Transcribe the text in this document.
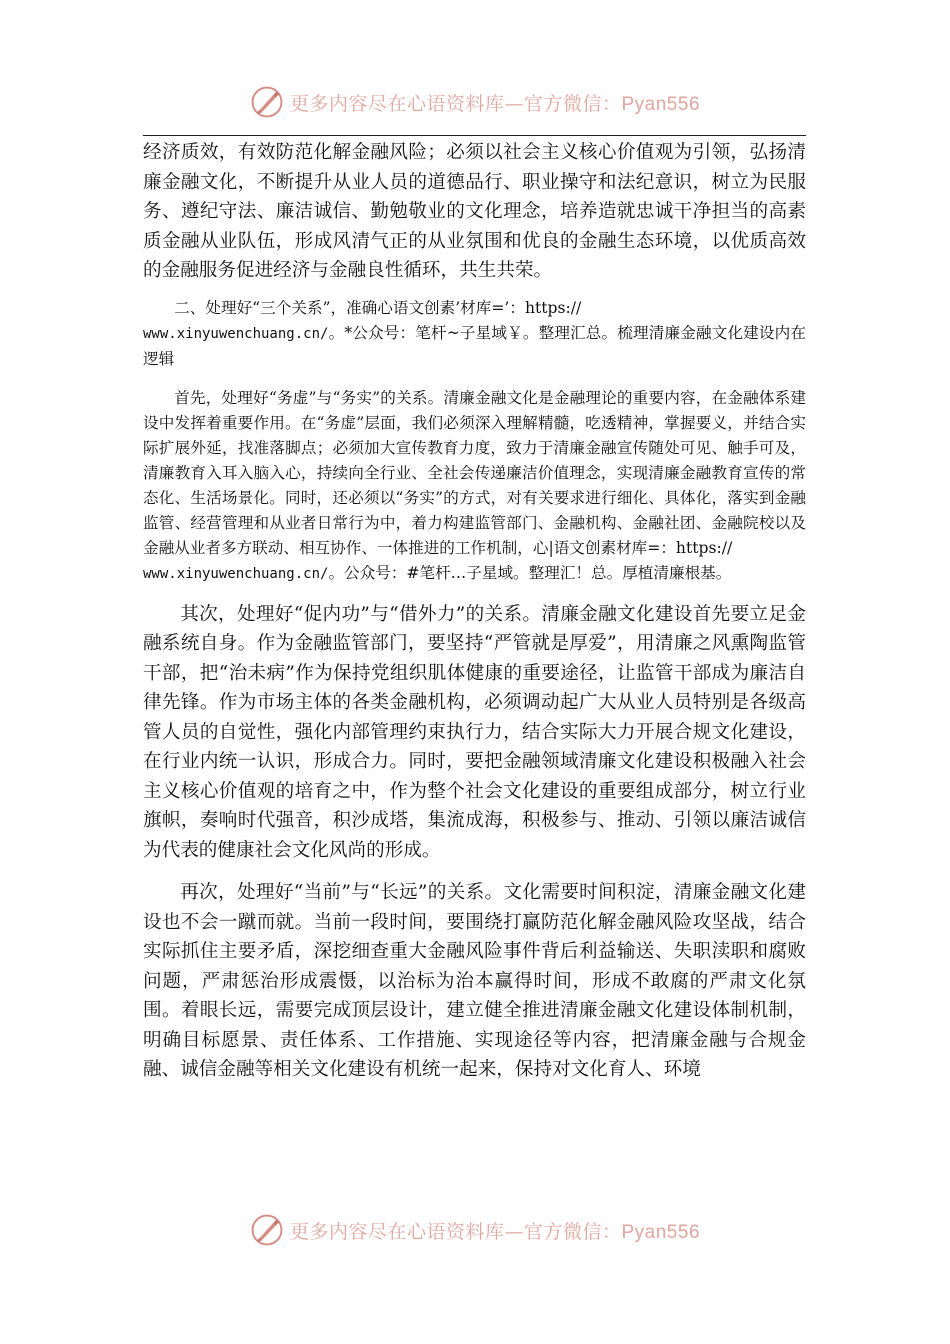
更多内容尽在心语资料库—官方微信：Pyan556

经济质效，有效防范化解金融风险；必须以社会主义核心价值观为引领，弘扬清廉金融文化，不断提升从业人员的道德品行、职业操守和法纪意识，树立为民服务、遵纪守法、廉洁诚信、勤勉敬业的文化理念，培养造就忠诚干净担当的高素质金融从业队伍，形成风清气正的从业氛围和优良的金融生态环境，以优质高效的金融服务促进经济与金融良性循环，共生共荣。

二、处理好“三个关系”，准确心语文创素’材库=’：https://
www.xinyuwenchuang.cn/。*公众号：笔杆~子星域￥。整理汇总。梳理清廉金融文化建设内在逻辑

首先，处理好“务虚”与“务实”的关系。清廉金融文化是金融理论的重要内容，在金融体系建设中发挥着重要作用。在“务虚”层面，我们必须深入理解精髓，吃透精神，掌握要义，并结合实际扩展外延，找准落脚点；必须加大宣传教育力度，致力于清廉金融宣传随处可见、触手可及，清廉教育入耳入脑入心，持续向全行业、全社会传递廉洁价值理念，实现清廉金融教育宣传的常态化、生活场景化。同时，还必须以“务实”的方式，对有关要求进行细化、具体化，落实到金融监管、经营管理和从业者日常行为中，着力构建监管部门、金融机构、金融社团、金融院校以及金融从业者多方联动、相互协作、一体推进的工作机制，心|语文创素材库=：https://
www.xinyuwenchuang.cn/。公众号：#笔杆…子星域。整理汇！总。厚植清廉根基。

其次，处理好“促内功”与“借外力”的关系。清廉金融文化建设首先要立足金融系统自身。作为金融监管部门，要坚持“严管就是厚爱”，用清廉之风熏陶监管干部，把“治未病”作为保持党组织肌体健康的重要途径，让监管干部成为廉洁自律先锋。作为市场主体的各类金融机构，必须调动起广大从业人员特别是各级高管人员的自觉性，强化内部管理约束执行力，结合实际大力开展合规文化建设，在行业内统一认识，形成合力。同时，要把金融领域清廉文化建设积极融入社会主义核心价值观的培育之中，作为整个社会文化建设的重要组成部分，树立行业旗帜，奏响时代强音，积沙成塔，集流成海，积极参与、推动、引领以廉洁诚信为代表的健康社会文化风尚的形成。

再次，处理好“当前”与“长远”的关系。文化需要时间积淀，清廉金融文化建设也不会一蹴而就。当前一段时间，要围绕打赢防范化解金融风险攻坚战，结合实际抓住主要矛盾，深挖细查重大金融风险事件背后利益输送、失职渎职和腐败问题，严肃惩治形成震慑，以治标为治本赢得时间，形成不敢腐的严肃文化氛围。着眼长远，需要完成顶层设计，建立健全推进清廉金融文化建设体制机制，明确目标愿景、责任体系、工作措施、实现途径等内容，把清廉金融与合规金融、诚信金融等相关文化建设有机统一起来，保持对文化育人、环境

更多内容尽在心语资料库—官方微信：Pyan556
